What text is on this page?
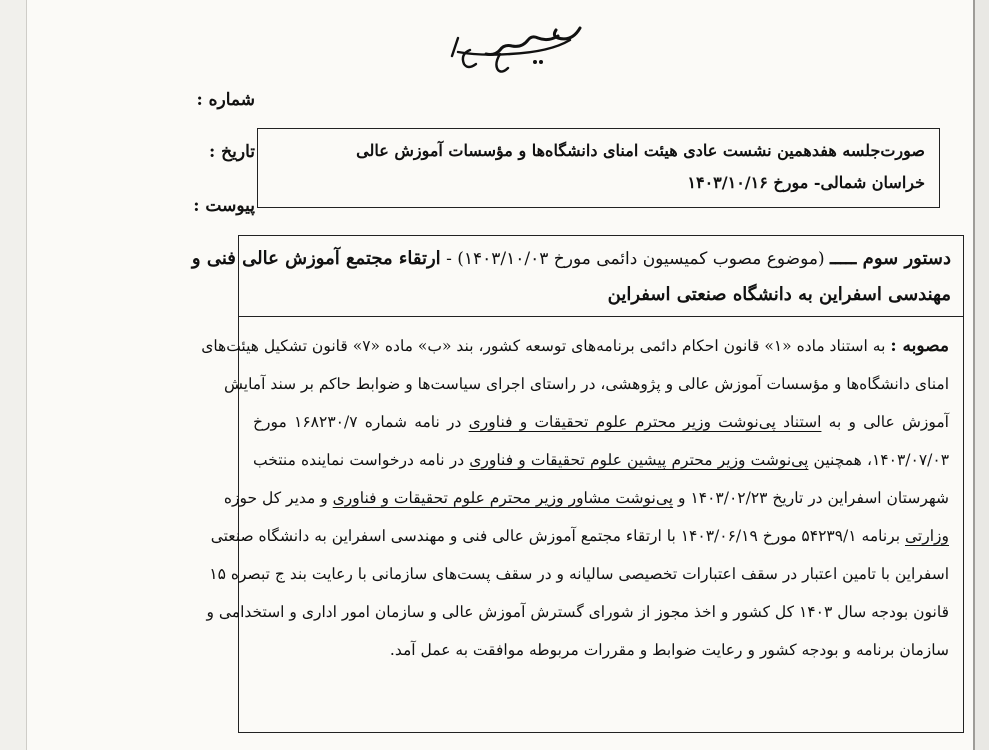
شماره :
تاریخ :
پیوست :
صورت‌جلسه هفدهمین نشست عادی هیئت امنای دانشگاه‌ها و مؤسسات آموزش عالی
خراسان شمالی- مورخ ۱۴۰۳/۱۰/۱۶
دستور سوم ـــــ (موضوع مصوب کمیسیون دائمی مورخ ۱۴۰۳/۱۰/۰۳) - ارتقاء مجتمع آموزش عالی فنی و
مهندسی اسفراین به دانشگاه صنعتی اسفراین
مصوبه : به استناد ماده «۱» قانون احکام دائمی برنامه‌های توسعه کشور، بند «ب» ماده «۷» قانون تشکیل هیئت‌های
امنای دانشگاه‌ها و مؤسسات آموزش عالی و پژوهشی، در راستای اجرای سیاست‌ها و ضوابط حاکم بر سند آمایش
آموزش عالی و به استناد پی‌نوشت وزیر محترم علوم تحقیقات و فناوری در نامه شماره ۱۶۸۲۳۰/۷ مورخ
۱۴۰۳/۰۷/۰۳، همچنین پی‌نوشت وزیر محترم پیشین علوم تحقیقات و فناوری در نامه درخواست نماینده منتخب
شهرستان اسفراین در تاریخ ۱۴۰۳/۰۲/۲۳ و پی‌نوشت مشاور وزیر محترم علوم تحقیقات و فناوری و مدیر کل حوزه
وزارتی برنامه ۵۴۲۳۹/۱ مورخ ۱۴۰۳/۰۶/۱۹ با ارتقاء مجتمع آموزش عالی فنی و مهندسی اسفراین به دانشگاه صنعتی
اسفراین با تامین اعتبار در سقف اعتبارات تخصیصی سالیانه و در سقف پست‌های سازمانی با رعایت بند ج تبصره ۱۵
قانون بودجه سال ۱۴۰۳ کل کشور و اخذ مجوز از شورای گسترش آموزش عالی و سازمان امور اداری و استخدامی و
سازمان برنامه و بودجه کشور و رعایت ضوابط و مقررات مربوطه موافقت به عمل آمد.
